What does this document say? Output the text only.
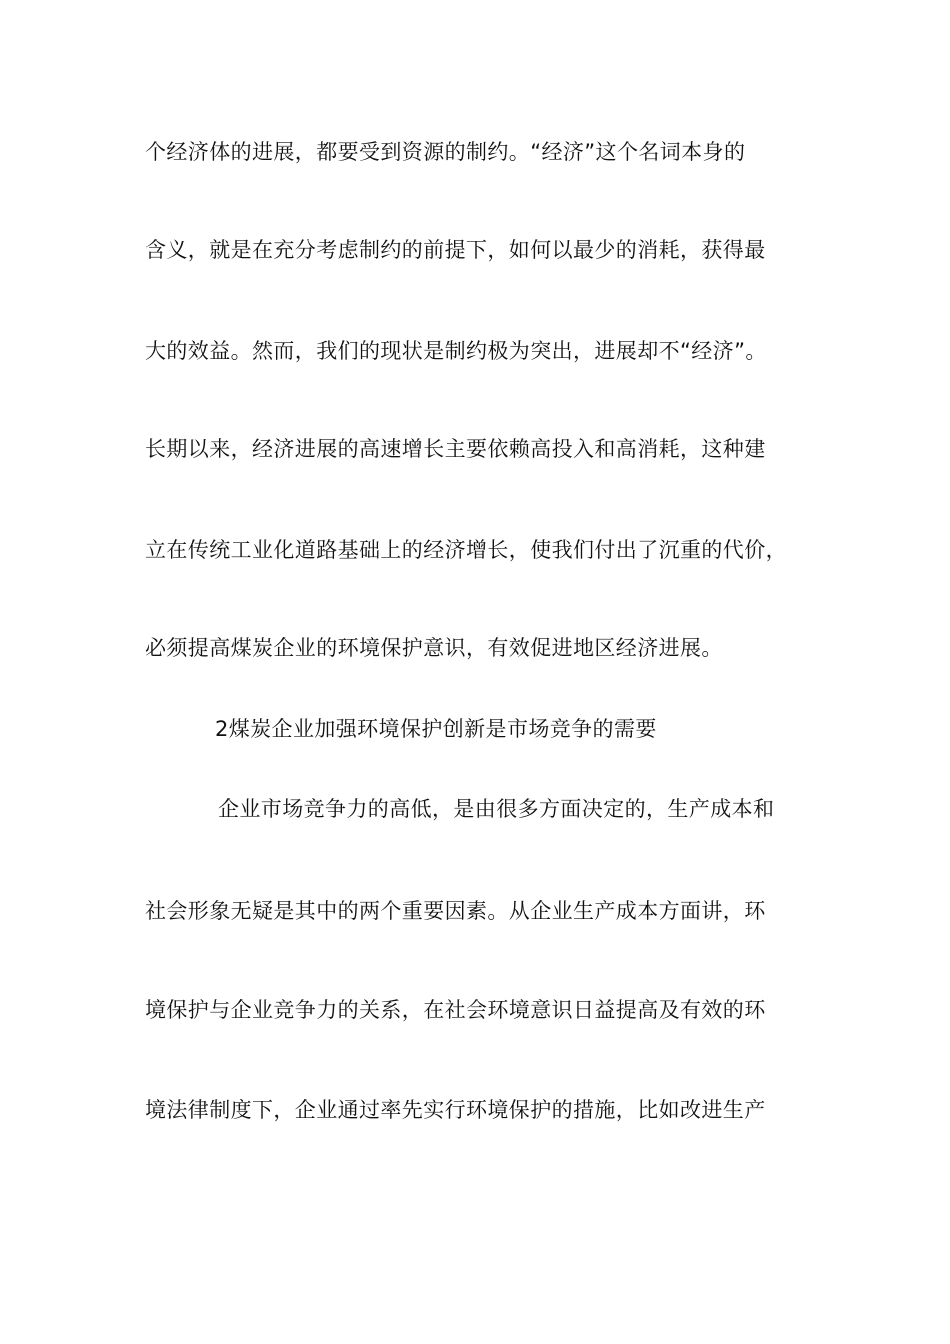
个经济体的进展，都要受到资源的制约。“经济”这个名词本身的
含义，就是在充分考虑制约的前提下，如何以最少的消耗，获得最
大的效益。然而，我们的现状是制约极为突出，进展却不“经济”。
长期以来，经济进展的高速增长主要依赖高投入和高消耗，这种建
立在传统工业化道路基础上的经济增长，使我们付出了沉重的代价，
必须提高煤炭企业的环境保护意识，有效促进地区经济进展。
2煤炭企业加强环境保护创新是市场竞争的需要
企业市场竞争力的高低，是由很多方面决定的，生产成本和
社会形象无疑是其中的两个重要因素。从企业生产成本方面讲，环
境保护与企业竞争力的关系，在社会环境意识日益提高及有效的环
境法律制度下，企业通过率先实行环境保护的措施，比如改进生产
